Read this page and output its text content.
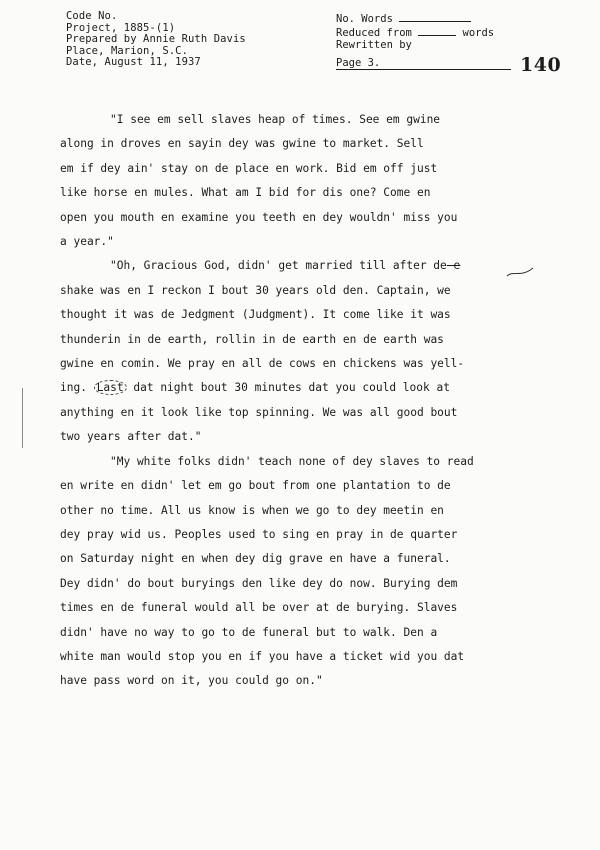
Code No.
Project, 1885-(1)
Prepared by Annie Ruth Davis
Place, Marion, S.C.
Date, August 11, 1937
No. Words
Reduced from	words
Rewritten by
Page 3.	140
"I see em sell slaves heap of times. See em gwine
along in droves en sayin dey was gwine to market. Sell
em if dey ain' stay on de place en work. Bid em off just
like horse en mules. What am I bid for dis one? Come en
open you mouth en examine you teeth en dey wouldn' miss you
a year."
"Oh, Gracious God, didn' get married till after de e
shake was en I reckon I bout 30 years old den. Captain, we
thought it was de Jedgment (Judgment). It come like it was
thunderin in de earth, rollin in de earth en de earth was
gwine en comin. We pray en all de cows en chickens was yell-
ing. Last dat night bout 30 minutes dat you could look at
anything en it look like top spinning. We was all good bout
two years after dat."
"My white folks didn' teach none of dey slaves to read
en write en didn' let em go bout from one plantation to de
other no time. All us know is when we go to dey meetin en
dey pray wid us. Peoples used to sing en pray in de quarter
on Saturday night en when dey dig grave en have a funeral.
Dey didn' do bout buryings den like dey do now. Burying dem
times en de funeral would all be over at de burying. Slaves
didn' have no way to go to de funeral but to walk. Den a
white man would stop you en if you have a ticket wid you dat
have pass word on it, you could go on."
